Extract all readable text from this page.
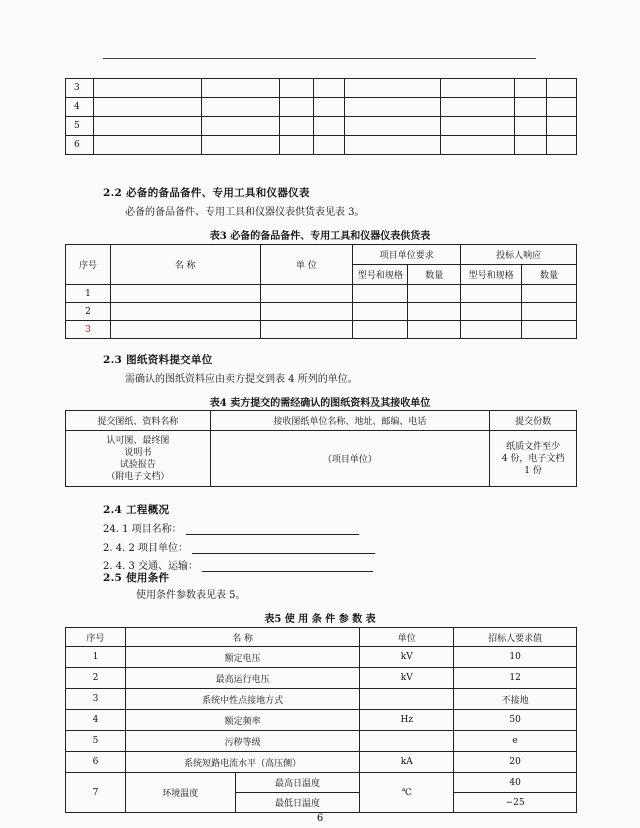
3								
4								
5								
6								
2.2 必备的备品备件、专用工具和仪器仪表
必备的备品备件、专用工具和仪器仪表供货表见表 3。
表3 必备的备品备件、专用工具和仪器仪表供货表
序号	名 称	单 位	项目单位要求		投标人响应	
			型号和规格	数量	型号和规格	数量
1						
2						
3						
2.3 图纸资料提交单位
需确认的图纸资料应由卖方提交到表 4 所列的单位。
表4 卖方提交的需经确认的图纸资料及其接收单位
提交图纸、资料名称	接收图纸单位名称、地址、邮编、电话	提交份数

认可图、最终图
说明书
试验报告
（附电子文档）	（项目单位）	纸质文件至少
4 份，电子文档
1 份
2.4 工程概况
24. 1 项目名称：
2. 4. 2 项目单位：
2. 4. 3 交通、运输：
2.5 使用条件
使用条件参数表见表 5。
表5 使 用 条 件 参 数 表
序号	名 称		单位	招标人要求值
1	额定电压		kV	10
2	最高运行电压		kV	12
3	系统中性点接地方式			不接地
4	额定频率		Hz	50
5	污秽等级			e
6	系统短路电流水平（高压侧）		kA	20
7	环境温度	最高日温度	℃	40
		最低日温度		−25
6
